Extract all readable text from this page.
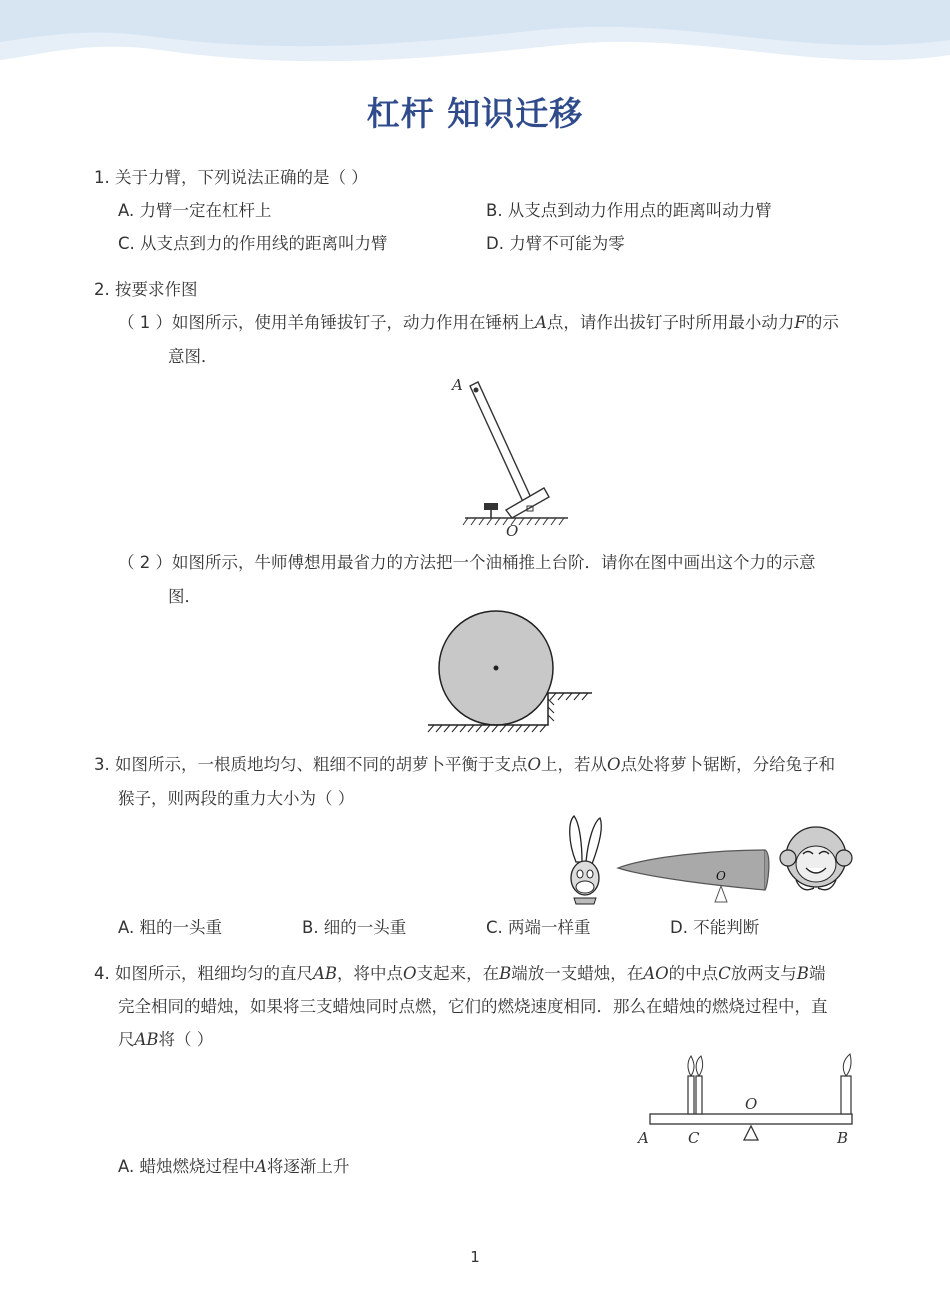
杠杆 知识迁移
1. 关于力臂，下列说法正确的是（ ）
A. 力臂一定在杠杆上	B. 从支点到动力作用点的距离叫动力臂
C. 从支点到力的作用线的距离叫力臂	D. 力臂不可能为零
2. 按要求作图
（ 1 ）如图所示，使用羊角锤拔钉子，动力作用在锤柄上A点，请作出拔钉子时所用最小动力F的示
意图．
A
O
（ 2 ）如图所示，牛师傅想用最省力的方法把一个油桶推上台阶．请你在图中画出这个力的示意
图．
3. 如图所示，一根质地均匀、粗细不同的胡萝卜平衡于支点O上，若从O点处将萝卜锯断，分给兔子和
猴子，则两段的重力大小为（ ）
O
A. 粗的一头重	B. 细的一头重	C. 两端一样重	D. 不能判断
4. 如图所示，粗细均匀的直尺AB，将中点O支起来，在B端放一支蜡烛，在AO的中点C放两支与B端
完全相同的蜡烛，如果将三支蜡烛同时点燃，它们的燃烧速度相同．那么在蜡烛的燃烧过程中，直
尺AB将（ ）
O
A	C	B
A. 蜡烛燃烧过程中A将逐渐上升
1
